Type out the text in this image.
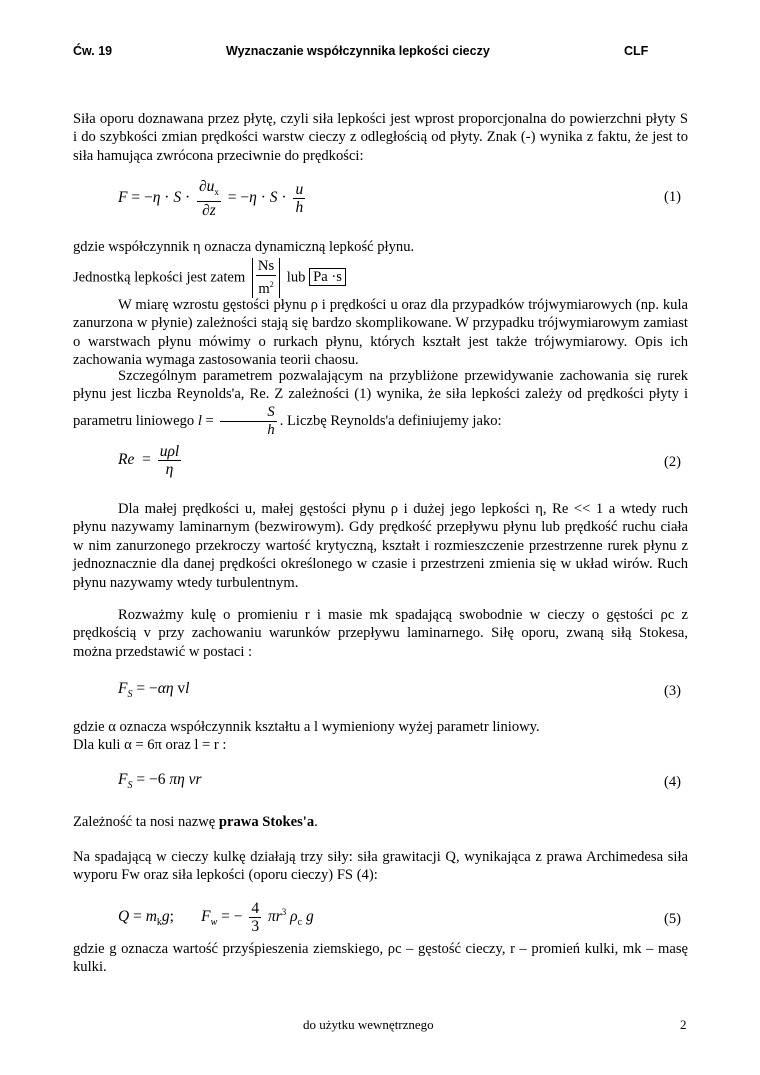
Ćw. 19	Wyznaczanie współczynnika lepkości cieczy	CLF

Siła oporu doznawana przez płytę, czyli siła lepkości jest wprost proporcjonalna do powierzchni płyty S i do szybkości zmian prędkości warstw cieczy z odległością od płyty. Znak (-) wynika z faktu, że jest to siła hamująca zwrócona przeciwnie do prędkości:

$F = -\eta \cdot S \cdot \frac{\partial u_x}{\partial z} = -\eta \cdot S \cdot \frac{u}{h}$	(1)

gdzie współczynnik η oznacza dynamiczną lepkość płynu.

Jednostką lepkości jest zatem $\frac{Ns}{m^2}$ lub Pa ·s

W miarę wzrostu gęstości płynu ρ i prędkości u oraz dla przypadków trójwymiarowych (np. kula zanurzona w płynie) zależności stają się bardzo skomplikowane. W przypadku trójwymiarowym zamiast o warstwach płynu mówimy o rurkach płynu, których kształt jest także trójwymiarowy. Opis ich zachowania wymaga zastosowania teorii chaosu.

Szczególnym parametrem pozwalającym na przybliżone przewidywanie zachowania się rurek płynu jest liczba Reynolds'a, Re. Z zależności (1) wynika, że siła lepkości zależy od prędkości płyty i parametru liniowego $l = \frac{S}{h}$ . Liczbę Reynolds'a definiujemy jako:
$Re = \frac{\text{uρl}}{\eta}$	(2)

Dla małej prędkości u, małej gęstości płynu ρ i dużej jego lepkości η, Re << 1 a wtedy ruch płynu nazywamy laminarnym (bezwirowym). Gdy prędkość przepływu płynu lub prędkość ruchu ciała w nim zanurzonego przekroczy wartość krytyczną, kształt i rozmieszczenie przestrzenne rurek płynu z jednoznacznie dla danej prędkości określonego w czasie i przestrzeni zmienia się w układ wirów. Ruch płynu nazywamy wtedy turbulentnym.

Rozważmy kulę o promieniu r i masie mk spadającą swobodnie w cieczy o gęstości ρc z prędkością v przy zachowaniu warunków przepływu laminarnego. Siłę oporu, zwaną siłą Stokesa, można przedstawić w postaci :

$F_S = -\alpha\eta$ vl	(3)

gdzie α oznacza współczynnik kształtu a l wymieniony wyżej parametr liniowy.

Dla kuli α = 6π oraz l = r :

$F_S = -6$ πη vr	(4)
Zależność ta nosi nazwę prawa Stokes'a.

Na spadającą w cieczy kulkę działają trzy siły: siła grawitacji Q, wynikająca z prawa Archimedesa siła wyporu Fw oraz siła lepkości (oporu cieczy) FS (4):

$Q = m_kg$;       $F_w$ = − $\frac{4}{3} \pi r^3$ $\rho_c$ g	(5)

gdzie g oznacza wartość przyśpieszenia ziemskiego, ρc – gęstość cieczy, r – promień kulki, mk – masę kulki.

do użytku wewnętrznego	2
